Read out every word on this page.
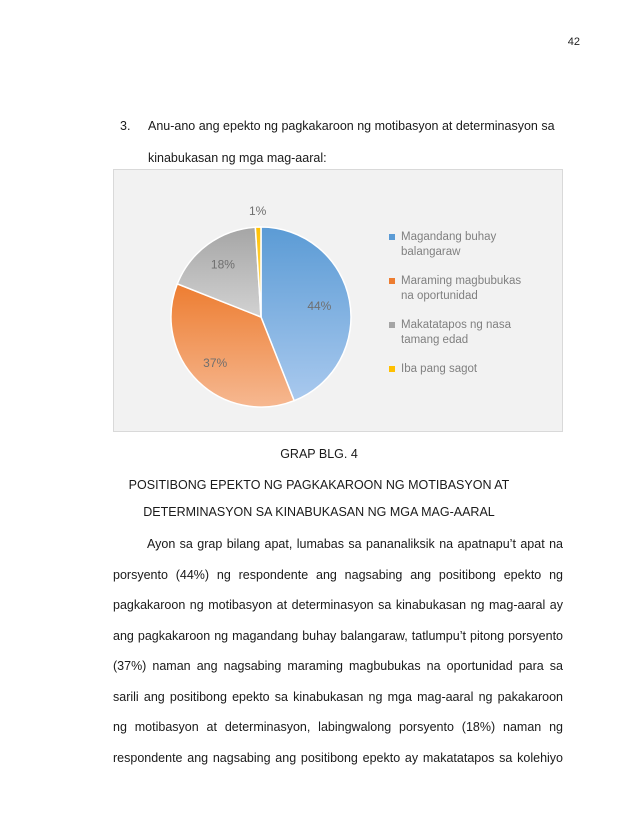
42
3. Anu-ano ang epekto ng pagkakaroon ng motibasyon at determinasyon sa
kinabukasan ng mga mag-aaral:
44%
37%
18%
1%
Magandang buhay
balangaraw
Maraming magbubukas
na oportunidad
Makatatapos ng nasa
tamang edad
Iba pang sagot
GRAP BLG. 4
POSITIBONG EPEKTO NG PAGKAKAROON NG MOTIBASYON AT
DETERMINASYON SA KINABUKASAN NG MGA MAG-AARAL
Ayon sa grap bilang apat, lumabas sa pananaliksik na apatnapu’t apat na
porsyento (44%) ng respondente ang nagsabing ang positibong epekto ng
pagkakaroon ng motibasyon at determinasyon sa kinabukasan ng mag-aaral ay
ang pagkakaroon ng magandang buhay balangaraw, tatlumpu’t pitong porsyento
(37%) naman ang nagsabing maraming magbubukas na oportunidad para sa
sarili ang positibong epekto sa kinabukasan ng mga mag-aaral ng pakakaroon
ng motibasyon at determinasyon, labingwalong porsyento (18%) naman ng
respondente ang nagsabing ang positibong epekto ay makatatapos sa kolehiyo
